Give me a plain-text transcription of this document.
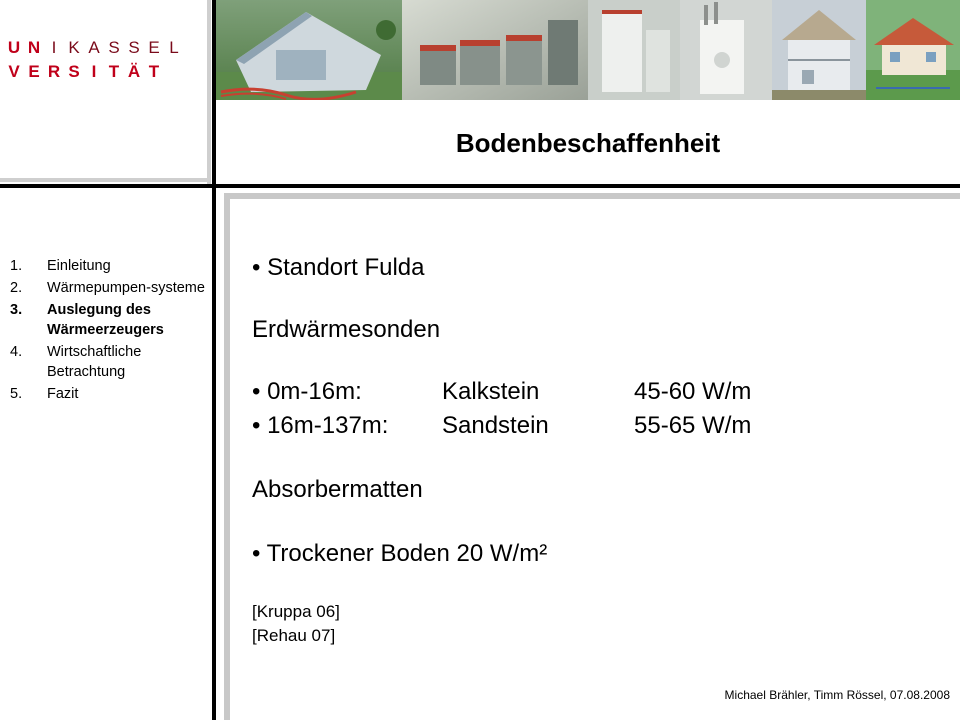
U N I K A S S E L
V E R S I T Ä T
Bodenbeschaffenheit
1.	Einleitung
2.	Wärmepumpen-systeme
3.	Auslegung des Wärmeerzeugers
4.	Wirtschaftliche Betrachtung
5.	Fazit
• Standort Fulda
Erdwärmesonden
• 0m-16m:	Kalkstein	45-60 W/m
• 16m-137m: Sandstein	55-65 W/m
Absorbermatten
• Trockener Boden 20 W/m²
[Kruppa 06]
[Rehau 07]
Michael Brähler, Timm Rössel, 07.08.2008
